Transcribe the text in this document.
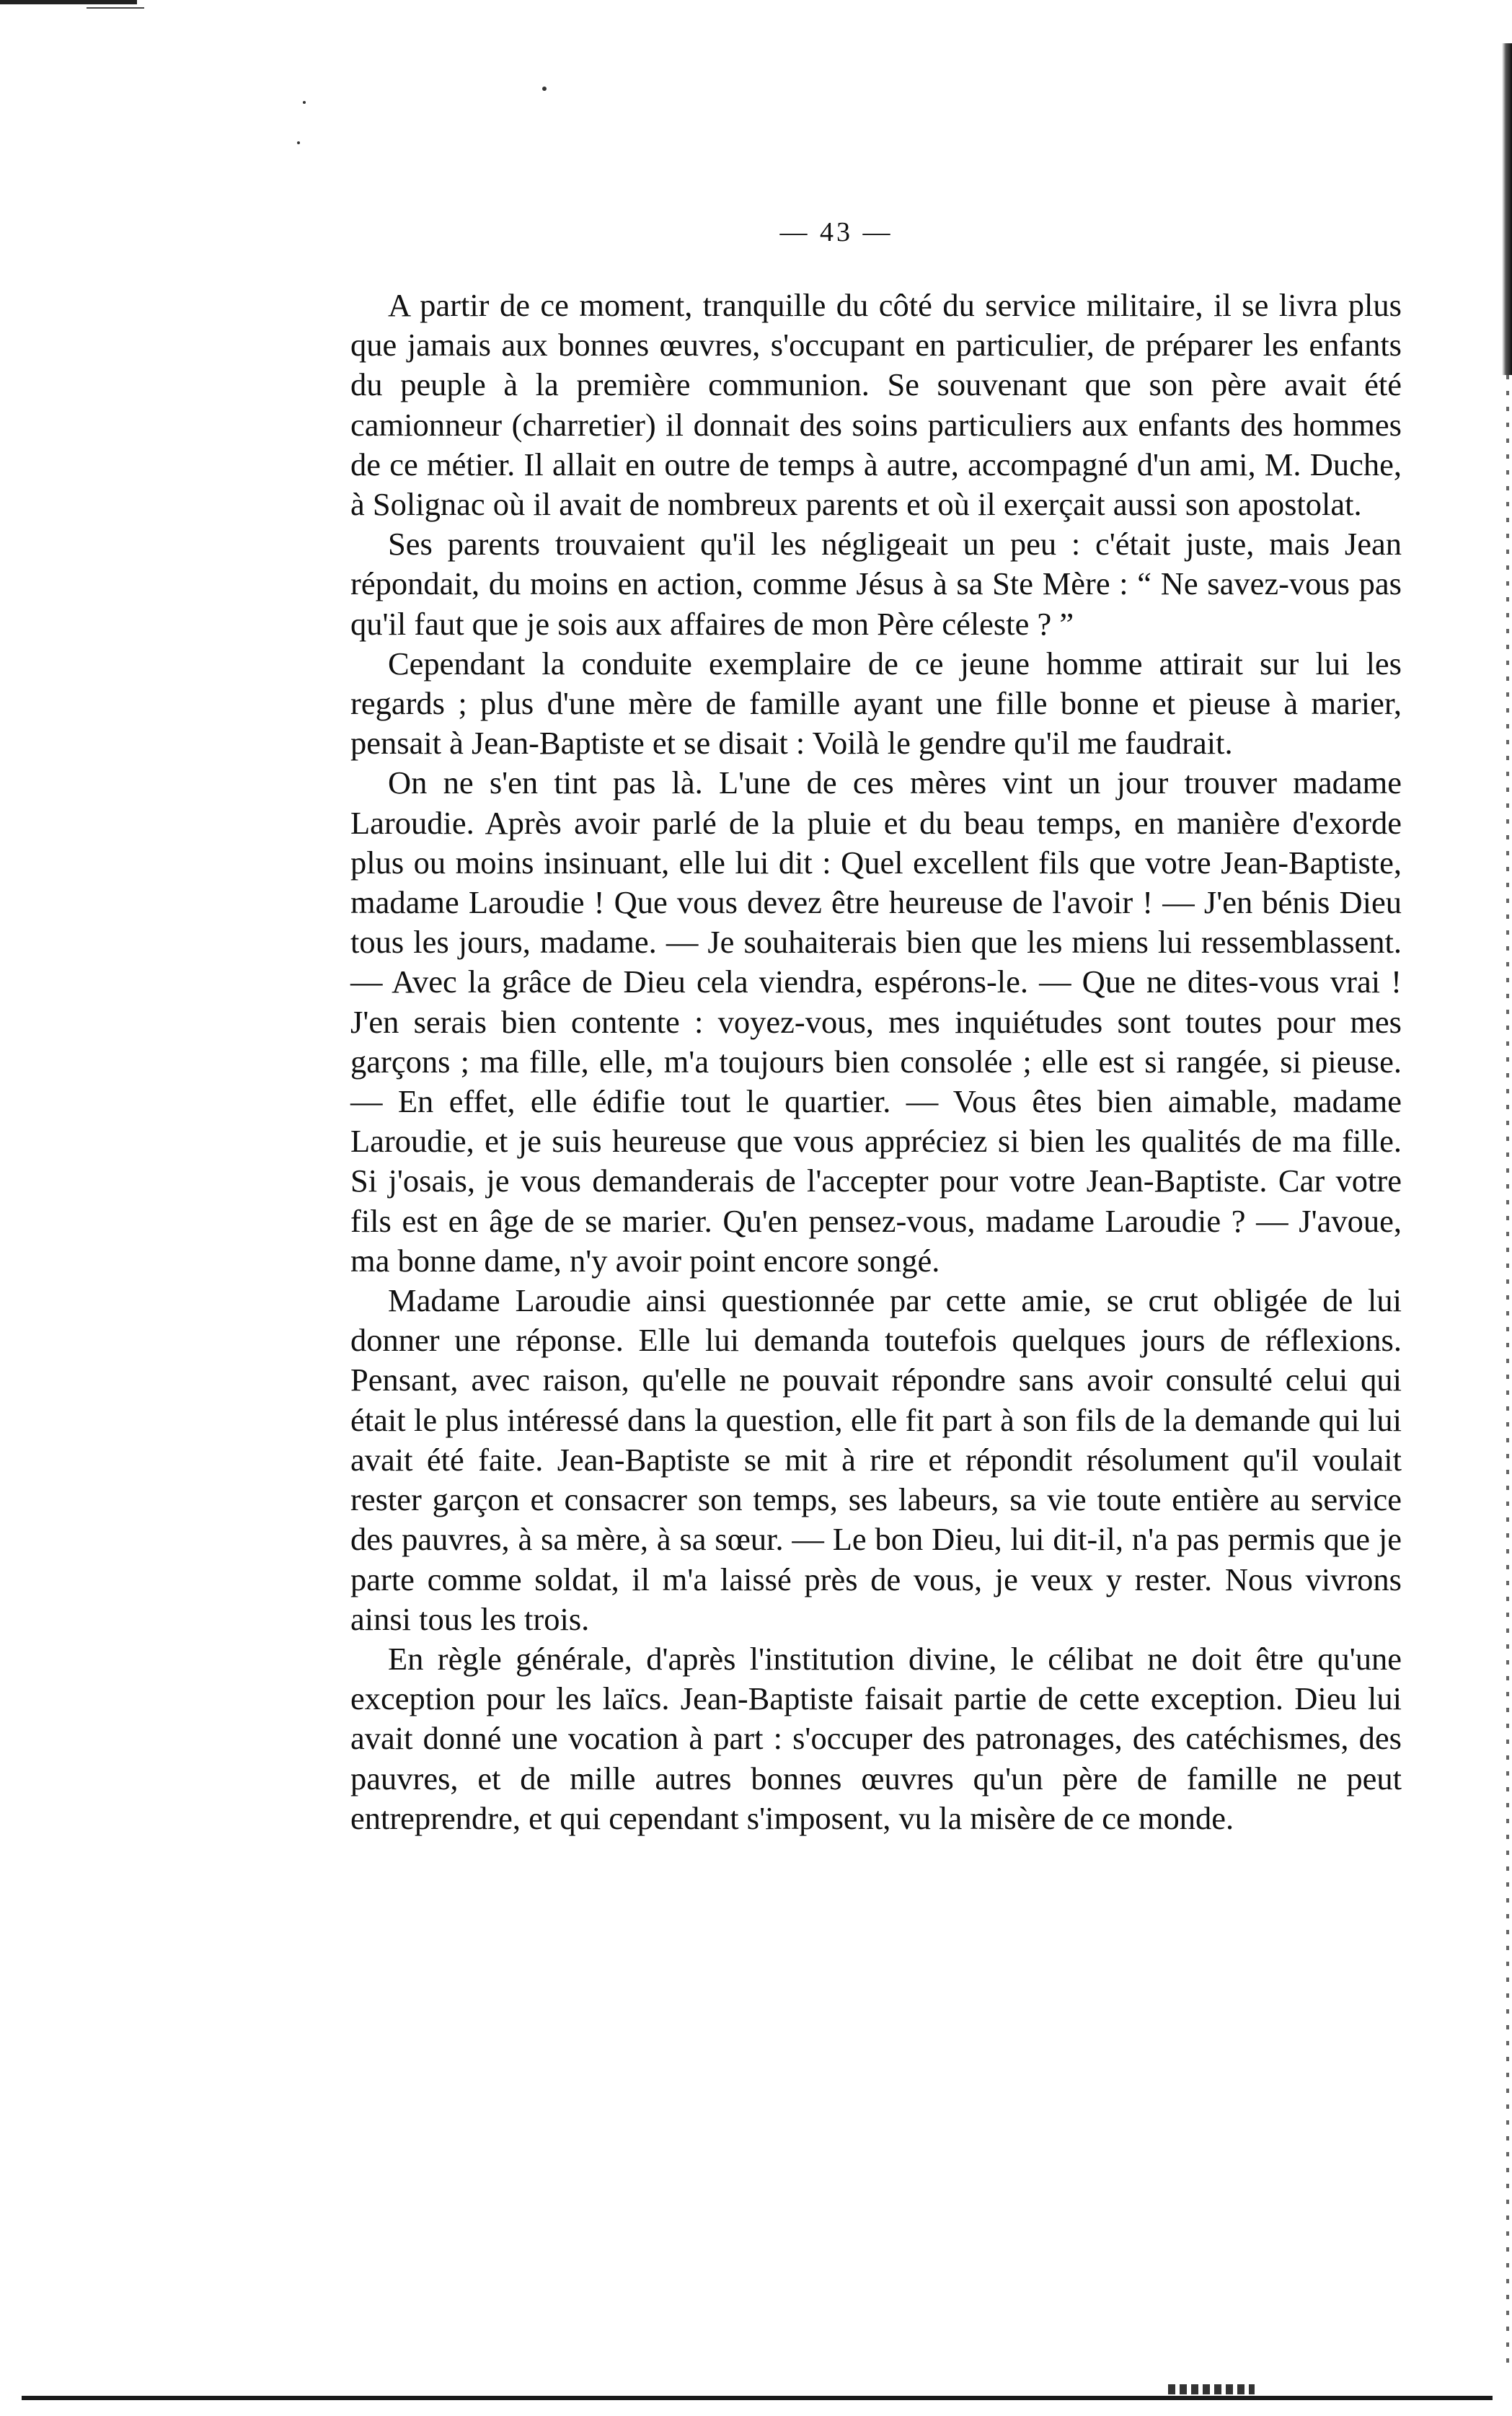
— 43 —

A partir de ce moment, tranquille du côté du service militaire, il se livra plus que jamais aux bonnes œuvres, s'occupant en particulier, de préparer les enfants du peuple à la première communion. Se souvenant que son père avait été camionneur (charretier) il donnait des soins particuliers aux enfants des hommes de ce métier. Il allait en outre de temps à autre, accompagné d'un ami, M. Duche, à Solignac où il avait de nombreux parents et où il exerçait aussi son apostolat.

Ses parents trouvaient qu'il les négligeait un peu : c'était juste, mais Jean répondait, du moins en action, comme Jésus à sa Ste Mère : “ Ne savez-vous pas qu'il faut que je sois aux affaires de mon Père céleste ? ”

Cependant la conduite exemplaire de ce jeune homme attirait sur lui les regards ; plus d'une mère de famille ayant une fille bonne et pieuse à marier, pensait à Jean-Baptiste et se disait : Voilà le gendre qu'il me faudrait.

On ne s'en tint pas là. L'une de ces mères vint un jour trouver madame Laroudie. Après avoir parlé de la pluie et du beau temps, en manière d'exorde plus ou moins insinuant, elle lui dit : Quel excellent fils que votre Jean-Baptiste, madame Laroudie ! Que vous devez être heureuse de l'avoir ! — J'en bénis Dieu tous les jours, madame. — Je souhaiterais bien que les miens lui ressemblassent. — Avec la grâce de Dieu cela viendra, espérons-le. — Que ne dites-vous vrai ! J'en serais bien contente : voyez-vous, mes inquiétudes sont toutes pour mes garçons ; ma fille, elle, m'a toujours bien consolée ; elle est si rangée, si pieuse. — En effet, elle édifie tout le quartier. — Vous êtes bien aimable, madame Laroudie, et je suis heureuse que vous appréciez si bien les qualités de ma fille. Si j'osais, je vous demanderais de l'accepter pour votre Jean-Baptiste. Car votre fils est en âge de se marier. Qu'en pensez-vous, madame Laroudie ? — J'avoue, ma bonne dame, n'y avoir point encore songé.

Madame Laroudie ainsi questionnée par cette amie, se crut obligée de lui donner une réponse. Elle lui demanda toutefois quelques jours de réflexions. Pensant, avec raison, qu'elle ne pouvait répondre sans avoir consulté celui qui était le plus intéressé dans la question, elle fit part à son fils de la demande qui lui avait été faite. Jean-Baptiste se mit à rire et répondit résolument qu'il voulait rester garçon et consacrer son temps, ses labeurs, sa vie toute entière au service des pauvres, à sa mère, à sa sœur. — Le bon Dieu, lui dit-il, n'a pas permis que je parte comme soldat, il m'a laissé près de vous, je veux y rester. Nous vivrons ainsi tous les trois.

En règle générale, d'après l'institution divine, le célibat ne doit être qu'une exception pour les laïcs. Jean-Baptiste faisait partie de cette exception. Dieu lui avait donné une vocation à part : s'occuper des patronages, des catéchismes, des pauvres, et de mille autres bonnes œuvres qu'un père de famille ne peut entreprendre, et qui cependant s'imposent, vu la misère de ce monde.
